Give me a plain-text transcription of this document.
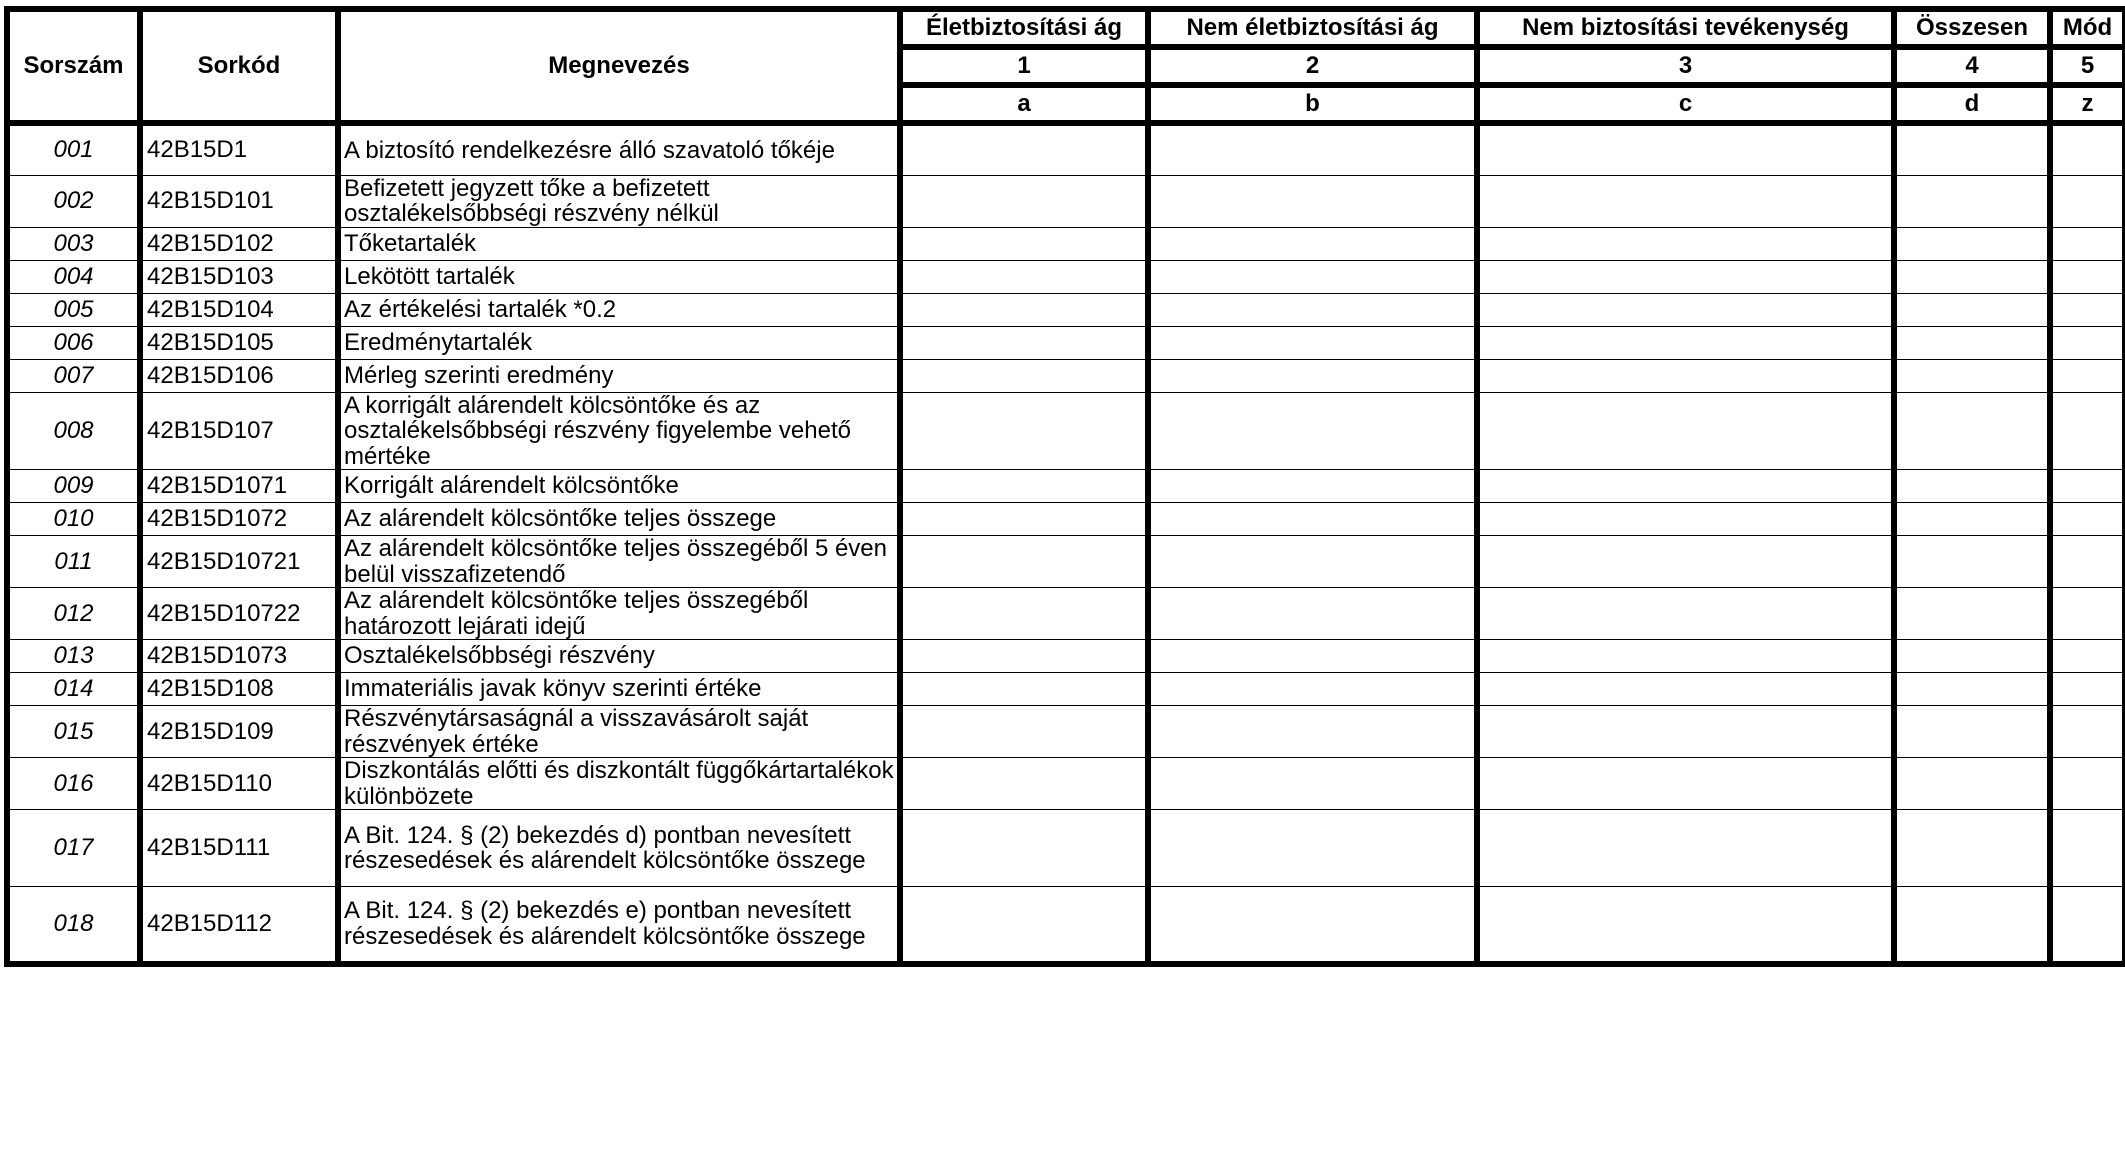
Sorszám	Sorkód	Megnevezés	Életbiztosítási ág	Nem életbiztosítási ág	Nem biztosítási tevékenység	Összesen	Mód
			1	2	3	4	5
			a	b	c	d	z
001	42B15D1	A biztosító rendelkezésre álló szavatoló tőkéje					
002	42B15D101	Befizetett jegyzett tőke a befizetett osztalékelsőbbségi részvény nélkül					
003	42B15D102	Tőketartalék					
004	42B15D103	Lekötött tartalék					
005	42B15D104	Az értékelési tartalék *0.2					
006	42B15D105	Eredménytartalék					
007	42B15D106	Mérleg szerinti eredmény					
008	42B15D107	A korrigált alárendelt kölcsöntőke és az osztalékelsőbbségi részvény figyelembe vehető mértéke					
009	42B15D1071	Korrigált alárendelt kölcsöntőke					
010	42B15D1072	Az alárendelt kölcsöntőke teljes összege					
011	42B15D10721	Az alárendelt kölcsöntőke teljes összegéből 5 éven belül visszafizetendő					
012	42B15D10722	Az alárendelt kölcsöntőke teljes összegéből határozott lejárati idejű					
013	42B15D1073	Osztalékelsőbbségi részvény					
014	42B15D108	Immateriális javak könyv szerinti értéke					
015	42B15D109	Részvénytársaságnál a visszavásárolt saját részvények értéke					
016	42B15D110	Diszkontálás előtti és diszkontált függőkártartalékok különbözete					
017	42B15D111	A Bit. 124. § (2) bekezdés d) pontban nevesített részesedések és alárendelt kölcsöntőke összege					
018	42B15D112	A Bit. 124. § (2) bekezdés e) pontban nevesített részesedések és alárendelt kölcsöntőke összege					
